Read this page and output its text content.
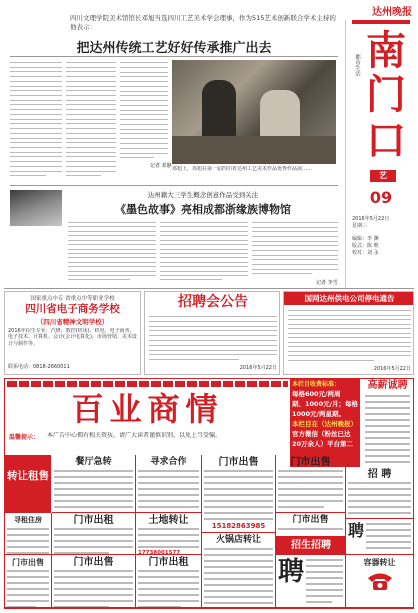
达州晚报
四川文理学院美术馆馆长邓旭当选四川工艺美术学会理事，作为515艺术创新联合学术主持的他表示：
把达州传统工艺好好传承推广出去
记者 邓静 邓旭上，邓旭在第一届四川省达州工艺美术作品优秀作品展……
达州籍大三学生概念创意作品受到关注
《墨色故事》亮相成都浙缘族博物馆
记者 李雪
都市生活 南
门
口
艺
09
2016年5月22日
星期三
编辑：李 渊
版式：陈 维
校对：刘 永
国家重点中专 省重点中等职业学校
四川省电子商务学校
（四川省精神文明学校）
2016年招生专业：汽修、数控(机床)、机电、电子商务、电子技术、计算机、会计(会计电算化)、市场营销、美术设计与制作等。
联系电话：0818-2660011
招聘会公告
2016年5月22日
国网达州供电公司停电通告
2016年5月22日
百业商情
温馨提示：	本广告中心拥有相关资质。请广大读者谨慎识别，以免上当受骗。
本栏目收费标准：
每格600元/两周
期、1000元/月；每格
1000元/两星期。
本栏目在（达州晚报）
官方微信（粉丝已达
20万余人）平台第二
高薪诚聘
转让租售
餐厅急转	寻求合作	门市出售
15182863985
门市出售
招 聘
寻租住房	门市出租	土地转让
17738001577
门市出售
招生招聘
聘
门市出售	门市出售	门市出租
火锅店转让
聘	容器转让
